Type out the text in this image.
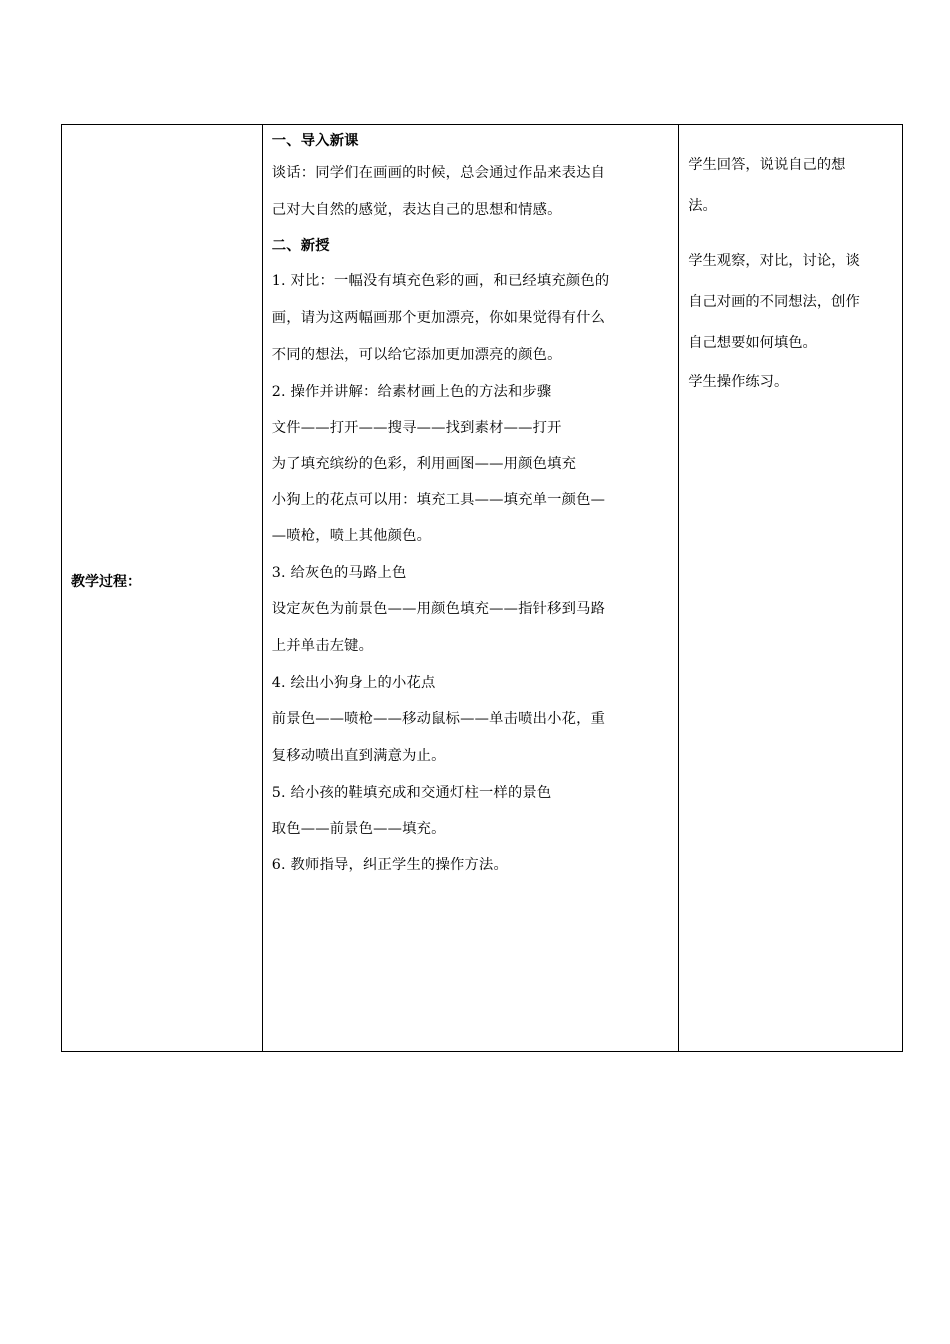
教学过程：

一、导入新课
谈话：同学们在画画的时候，总会通过作品来表达自
己对大自然的感觉，表达自己的思想和情感。
二、新授
1. 对比：一幅没有填充色彩的画，和已经填充颜色的
画，请为这两幅画那个更加漂亮，你如果觉得有什么
不同的想法，可以给它添加更加漂亮的颜色。
2. 操作并讲解：给素材画上色的方法和步骤
文件——打开——搜寻——找到素材——打开
为了填充缤纷的色彩，利用画图——用颜色填充
小狗上的花点可以用：填充工具——填充单一颜色—
—喷枪，喷上其他颜色。
3. 给灰色的马路上色
设定灰色为前景色——用颜色填充——指针移到马路
上并单击左键。
4. 绘出小狗身上的小花点
前景色——喷枪——移动鼠标——单击喷出小花，重
复移动喷出直到满意为止。
5. 给小孩的鞋填充成和交通灯柱一样的景色
取色——前景色——填充。
6. 教师指导，纠正学生的操作方法。

学生回答，说说自己的想
法。
学生观察，对比，讨论，谈
自己对画的不同想法，创作
自己想要如何填色。
学生操作练习。
